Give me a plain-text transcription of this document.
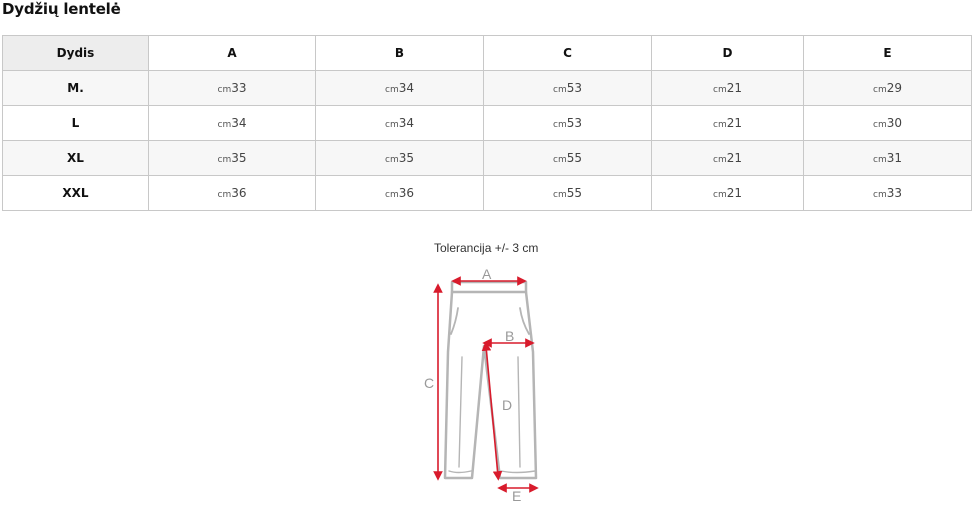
Dydžių lentelė
Dydis	A	B	C	D	E
M.	cm33	cm34	cm53	cm21	cm29
L	cm34	cm34	cm53	cm21	cm30
XL	cm35	cm35	cm55	cm21	cm31
XXL	cm36	cm36	cm55	cm21	cm33
Tolerancija +/- 3 cm
A
B
C
D
E
